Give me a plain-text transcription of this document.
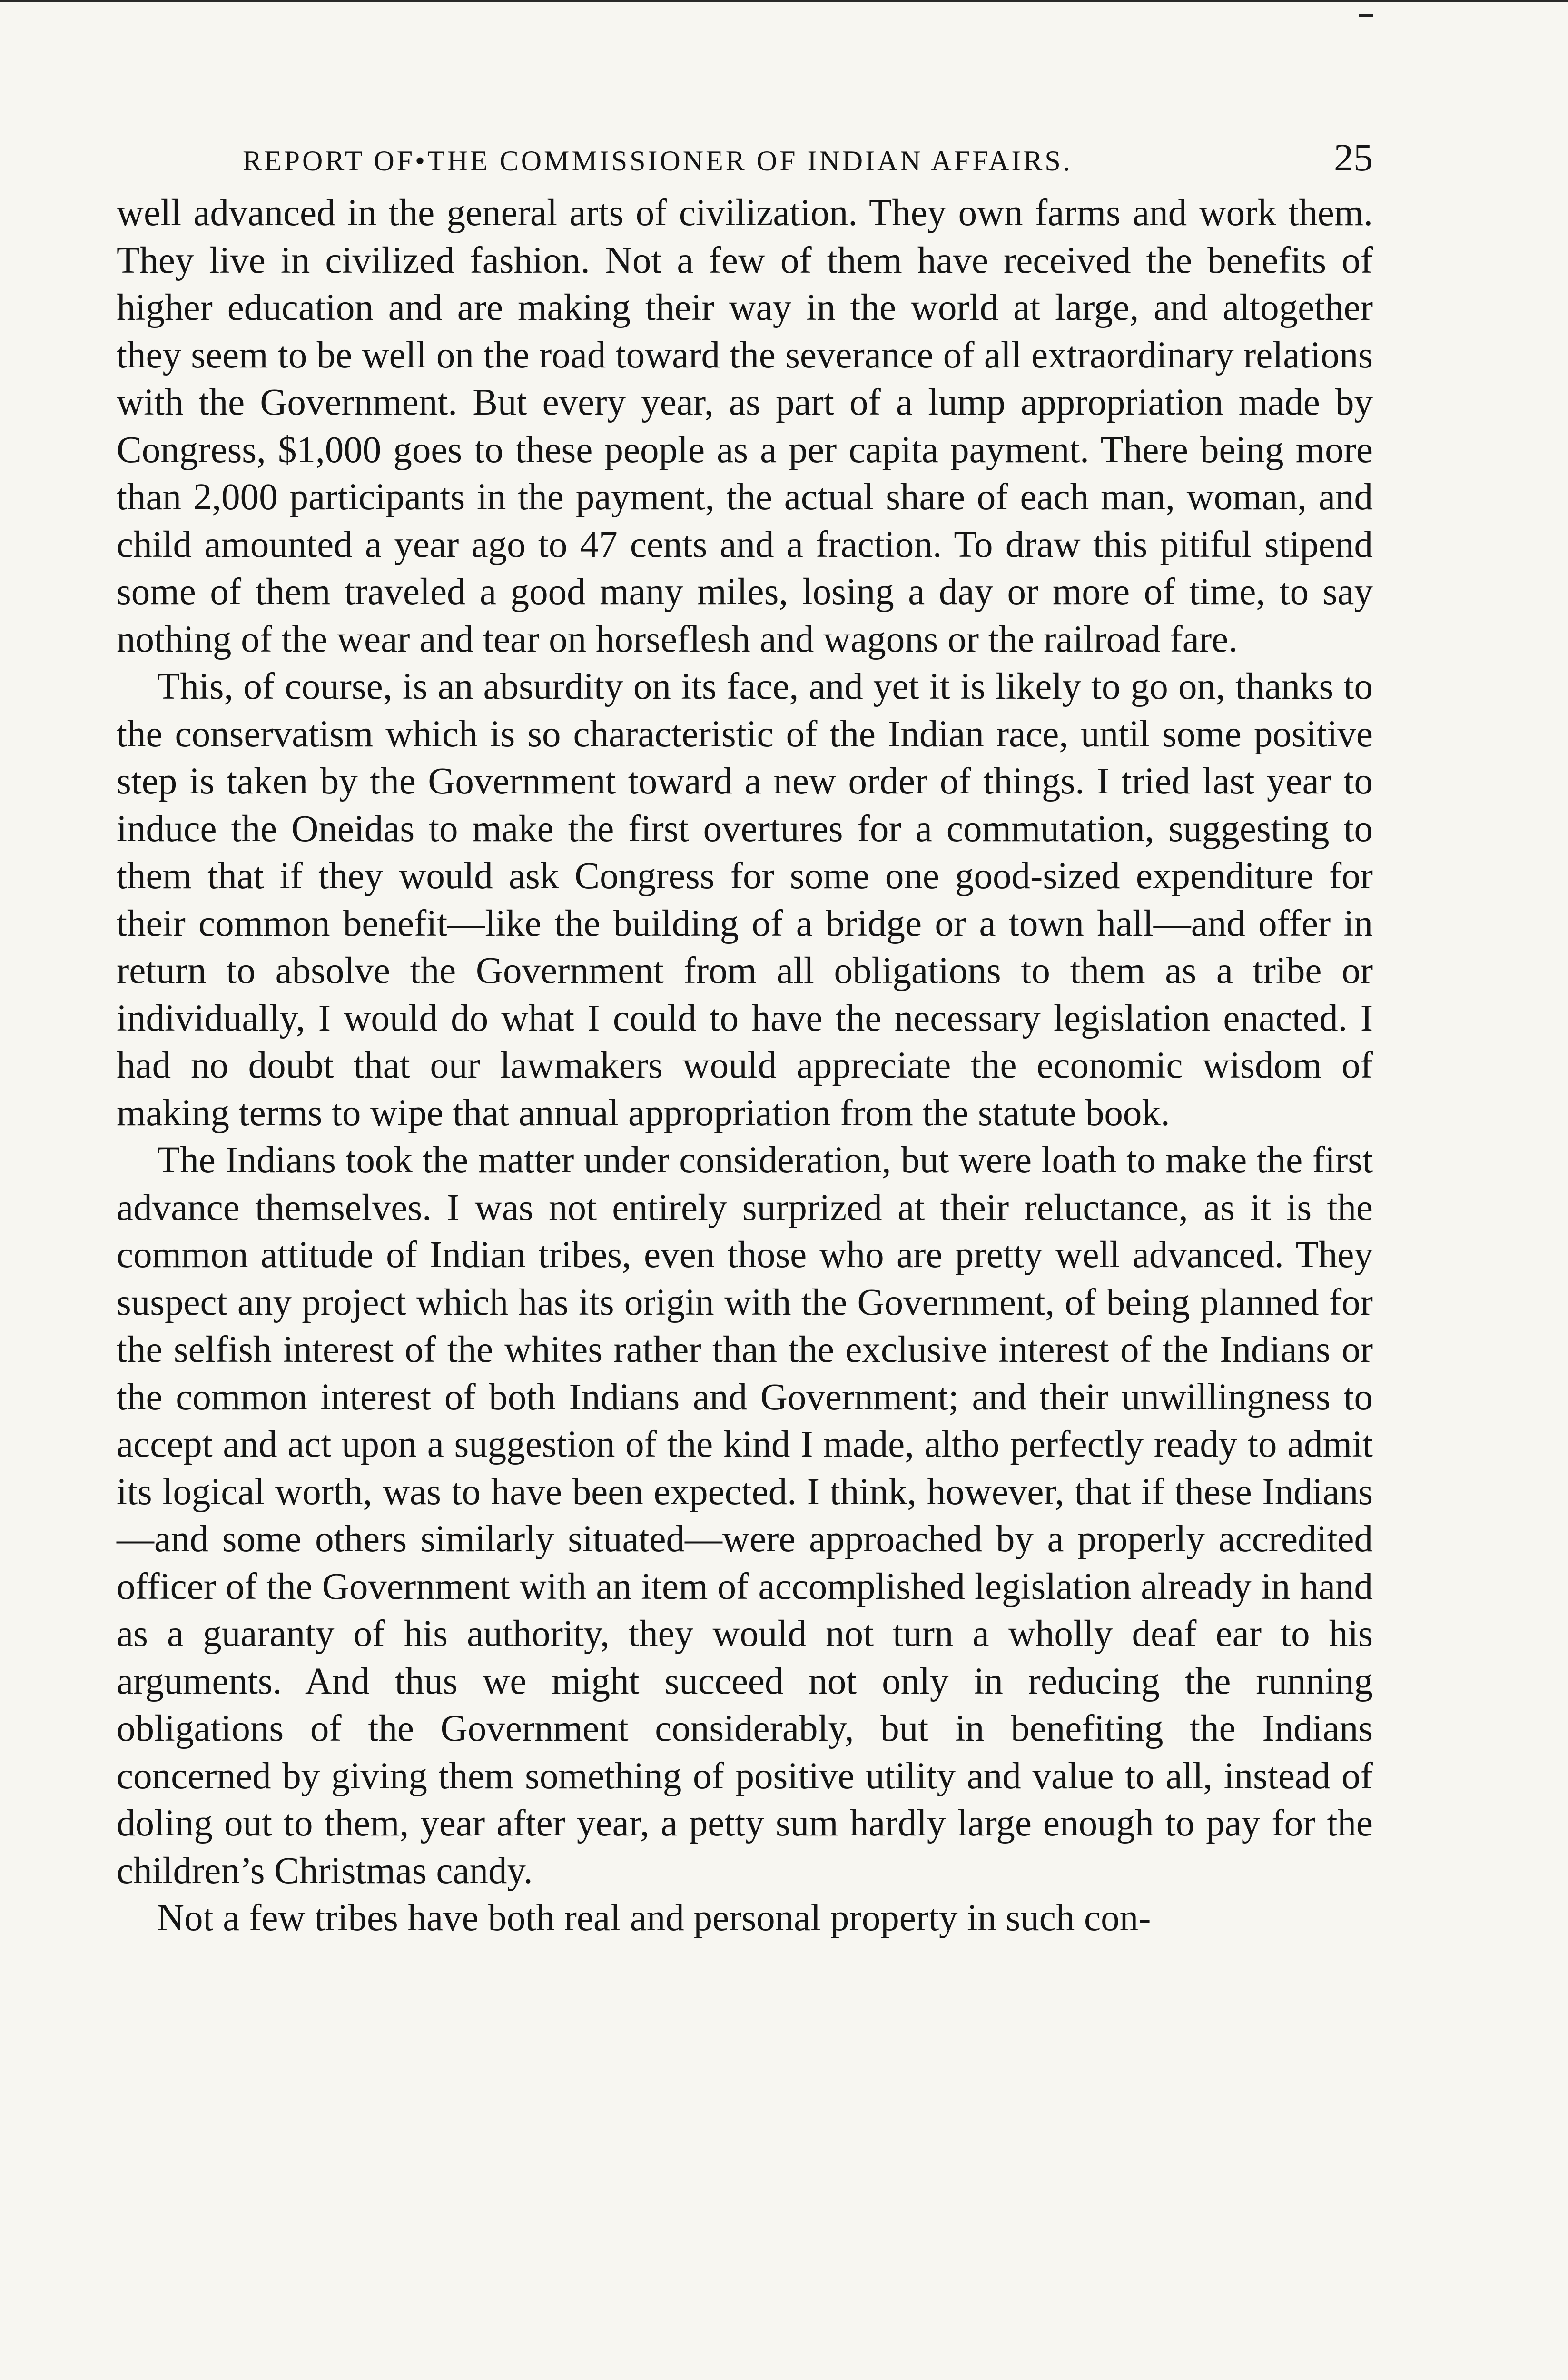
REPORT OF•THE COMMISSIONER OF INDIAN AFFAIRS.	25

well advanced in the general arts of civilization. They own farms and work them. They live in civilized fashion. Not a few of them have received the benefits of higher education and are making their way in the world at large, and altogether they seem to be well on the road toward the severance of all extraordinary relations with the Government. But every year, as part of a lump appropriation made by Congress, $1,000 goes to these people as a per capita payment. There being more than 2,000 participants in the payment, the actual share of each man, woman, and child amounted a year ago to 47 cents and a fraction. To draw this pitiful stipend some of them traveled a good many miles, losing a day or more of time, to say nothing of the wear and tear on horseflesh and wagons or the railroad fare.

This, of course, is an absurdity on its face, and yet it is likely to go on, thanks to the conservatism which is so characteristic of the Indian race, until some positive step is taken by the Government toward a new order of things. I tried last year to induce the Oneidas to make the first overtures for a commutation, suggesting to them that if they would ask Congress for some one good-sized expenditure for their common benefit—like the building of a bridge or a town hall—and offer in return to absolve the Government from all obligations to them as a tribe or individually, I would do what I could to have the necessary legislation enacted. I had no doubt that our lawmakers would appreciate the economic wisdom of making terms to wipe that annual appropriation from the statute book.

The Indians took the matter under consideration, but were loath to make the first advance themselves. I was not entirely surprized at their reluctance, as it is the common attitude of Indian tribes, even those who are pretty well advanced. They suspect any project which has its origin with the Government, of being planned for the selfish interest of the whites rather than the exclusive interest of the Indians or the common interest of both Indians and Government; and their unwillingness to accept and act upon a suggestion of the kind I made, altho perfectly ready to admit its logical worth, was to have been expected. I think, however, that if these Indians—and some others similarly situated—were approached by a properly accredited officer of the Government with an item of accomplished legislation already in hand as a guaranty of his authority, they would not turn a wholly deaf ear to his arguments. And thus we might succeed not only in reducing the running obligations of the Government considerably, but in benefiting the Indians concerned by giving them something of positive utility and value to all, instead of doling out to them, year after year, a petty sum hardly large enough to pay for the children’s Christmas candy.

Not a few tribes have both real and personal property in such con-
